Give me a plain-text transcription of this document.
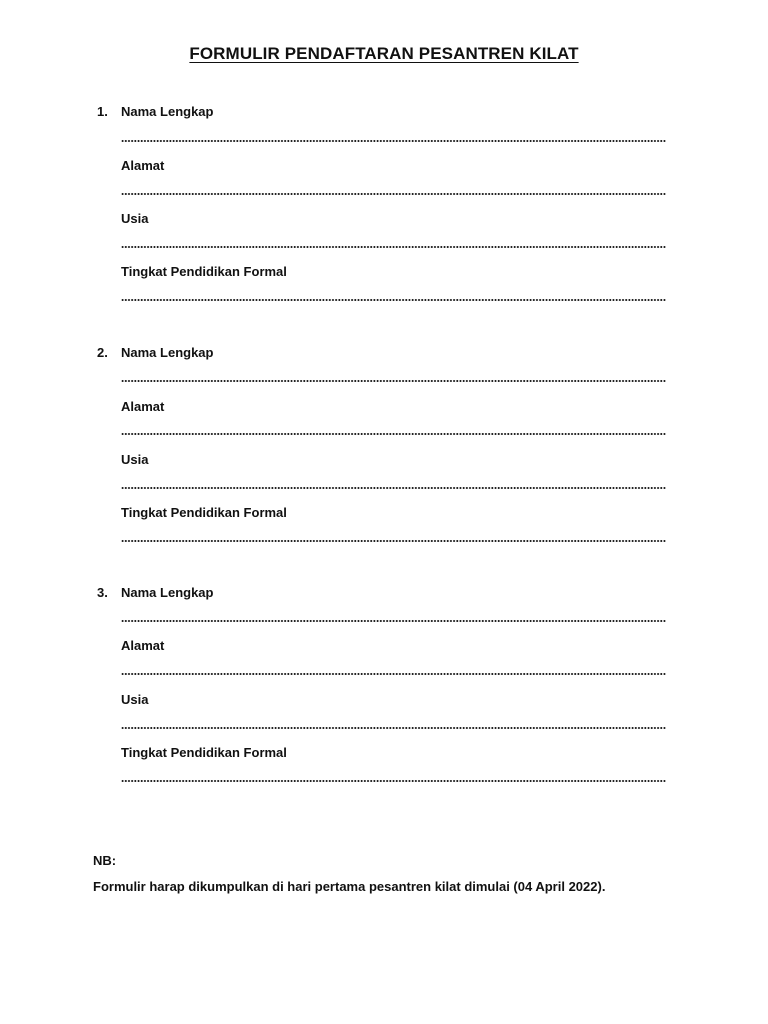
FORMULIR PENDAFTARAN PESANTREN KILAT
1. Nama Lengkap
Alamat
Usia
Tingkat Pendidikan Formal
2. Nama Lengkap
Alamat
Usia
Tingkat Pendidikan Formal
3. Nama Lengkap
Alamat
Usia
Tingkat Pendidikan Formal
NB:
Formulir harap dikumpulkan di hari pertama pesantren kilat dimulai (04 April 2022).
